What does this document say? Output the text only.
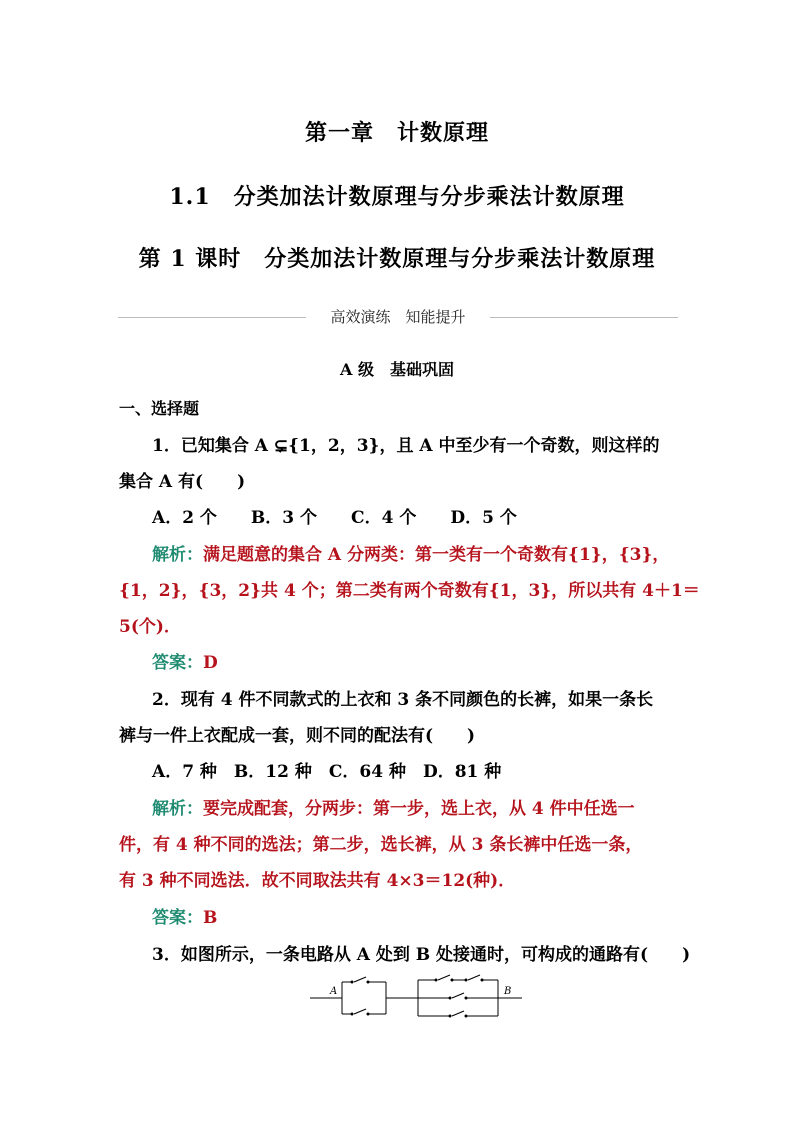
第一章　计数原理
1.1　分类加法计数原理与分步乘法计数原理
第 1 课时　分类加法计数原理与分步乘法计数原理
高效演练　知能提升
A 级　基础巩固
一、选择题
1．已知集合 A ⊊{1，2，3}，且 A 中至少有一个奇数，则这样的
集合 A 有(　　)
A．2 个　　B．3 个　　C．4 个　　D．5 个
解析：满足题意的集合 A 分两类：第一类有一个奇数有{1}，{3}，
{1，2}，{3，2}共 4 个；第二类有两个奇数有{1，3}，所以共有 4＋1＝
5(个)．
答案：D
2．现有 4 件不同款式的上衣和 3 条不同颜色的长裤，如果一条长
裤与一件上衣配成一套，则不同的配法有(　　)
A．7 种　B．12 种　C．64 种　D．81 种
解析：要完成配套，分两步：第一步，选上衣，从 4 件中任选一
件，有 4 种不同的选法；第二步，选长裤，从 3 条长裤中任选一条，
有 3 种不同选法．故不同取法共有 4×3＝12(种)．
答案：B
3．如图所示，一条电路从 A 处到 B 处接通时，可构成的通路有(　　)
A	B
